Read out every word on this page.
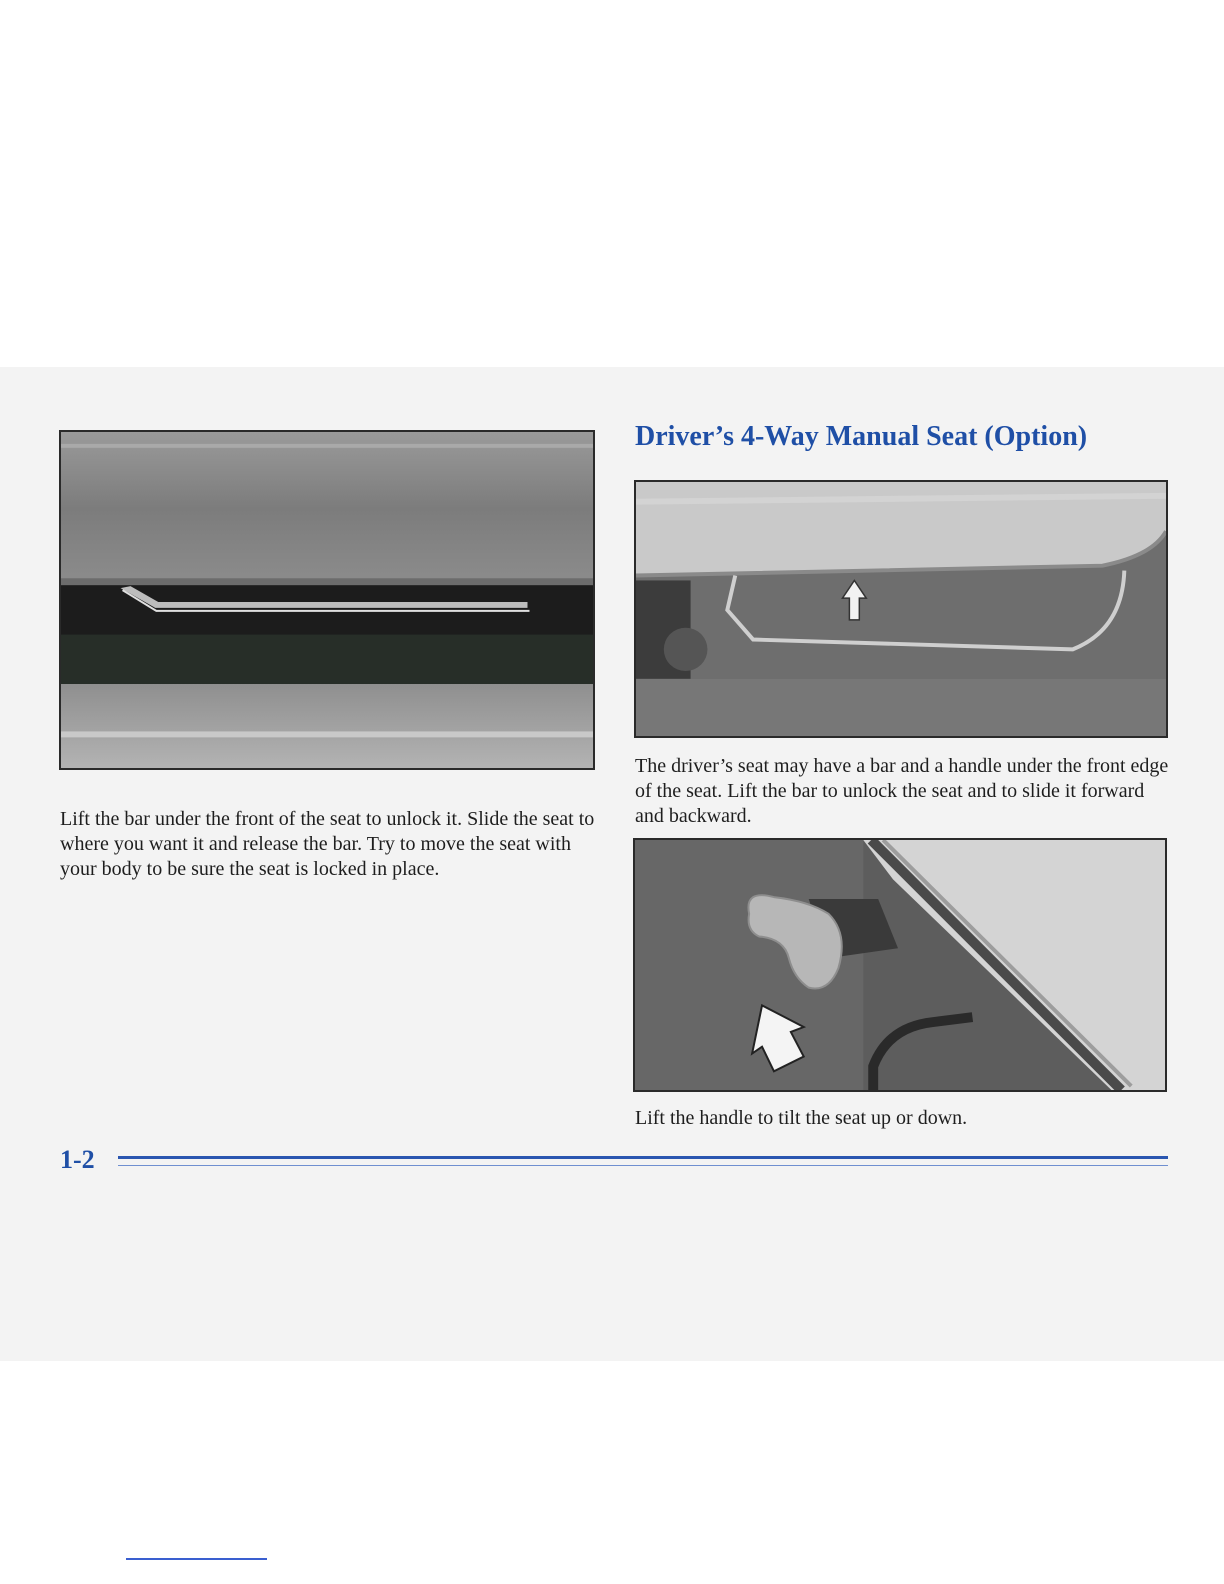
Driver’s 4-Way Manual Seat (Option)

The driver’s seat may have a bar and a handle under the front edge of the seat. Lift the bar to unlock the seat and to slide it forward and backward.

Lift the bar under the front of the seat to unlock it. Slide the seat to where you want it and release the bar. Try to move the seat with your body to be sure the seat is locked in place.

Lift the handle to tilt the seat up or down.

1-2
